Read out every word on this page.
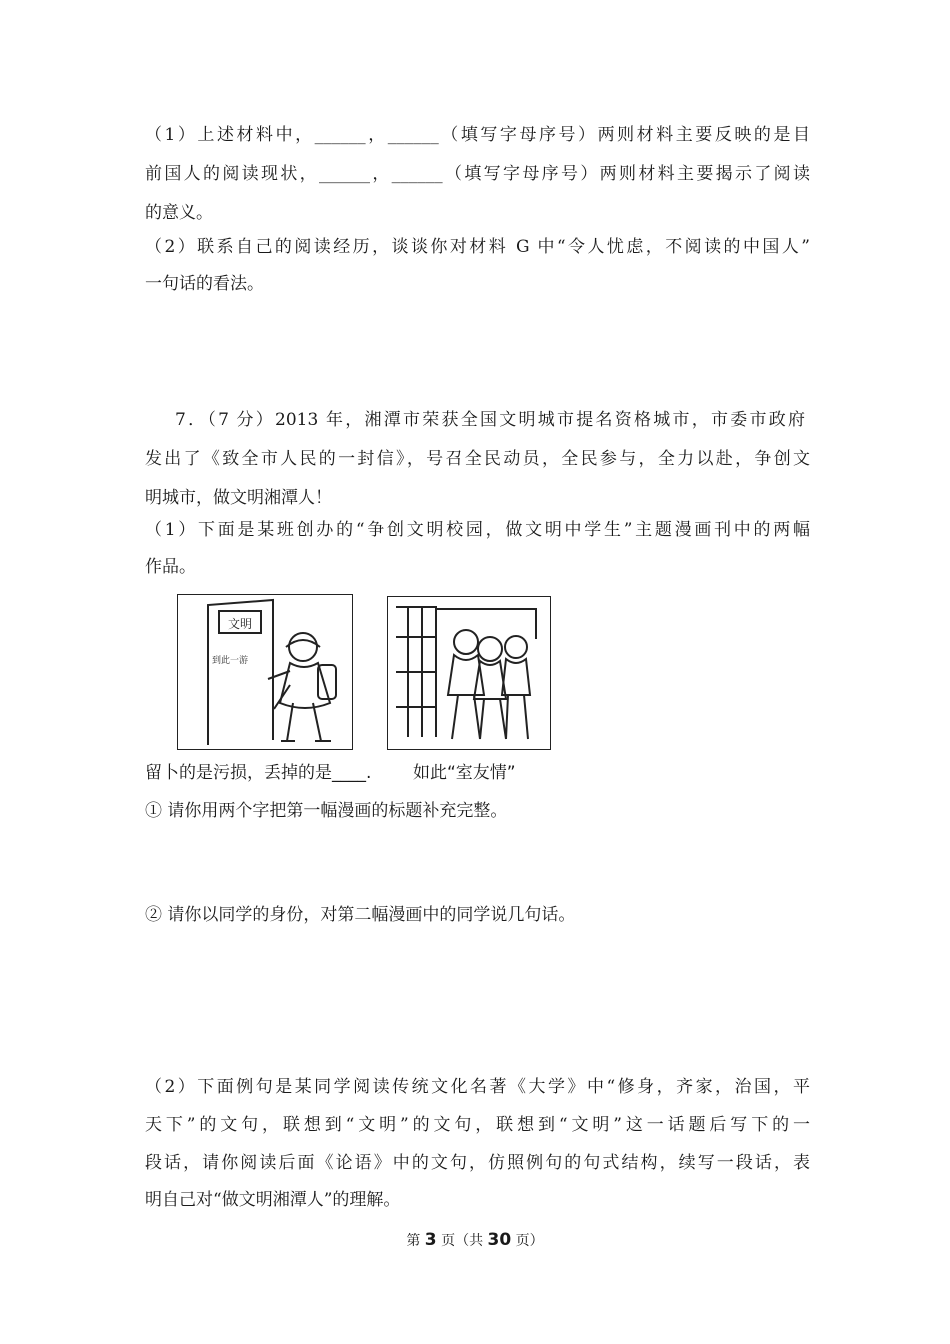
（1）上述材料中，______，______（填写字母序号）两则材料主要反映的是目
前国人的阅读现状，______，______（填写字母序号）两则材料主要揭示了阅读
的意义。
（2）联系自己的阅读经历，谈谈你对材料 G 中“令人忧虑，不阅读的中国人”
一句话的看法。
7．（7 分）2013 年，湘潭市荣获全国文明城市提名资格城市，市委市政府
发出了《致全市人民的一封信》，号召全民动员，全民参与，全力以赴，争创文
明城市，做文明湘潭人！
（1）下面是某班创办的“争创文明校园，做文明中学生”主题漫画刊中的两幅
作品。
文明
到此一游
留卜的是污损，丢掉的是____. 如此“室友情”
① 请你用两个字把第一幅漫画的标题补充完整。
② 请你以同学的身份，对第二幅漫画中的同学说几句话。
（2）下面例句是某同学阅读传统文化名著《大学》中“修身，齐家，治国，平
天下”的文句，联想到“文明”的文句，联想到“文明”这一话题后写下的一
段话，请你阅读后面《论语》中的文句，仿照例句的句式结构，续写一段话，表
明自己对“做文明湘潭人”的理解。
第 3 页（共 30 页）
